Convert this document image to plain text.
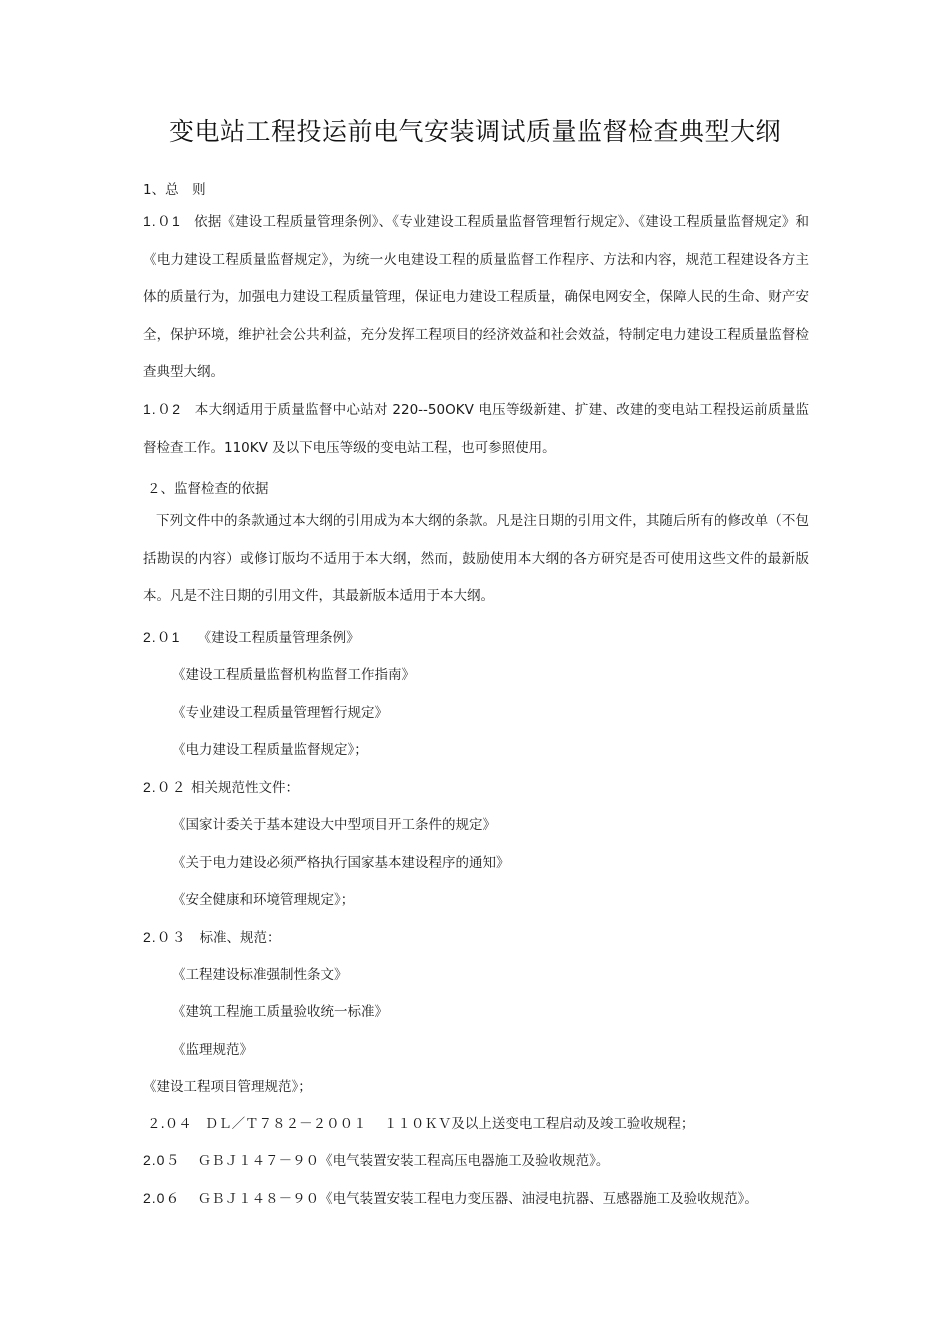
变电站工程投运前电气安装调试质量监督检查典型大纲
1、总　则
1.０1 依据《建设工程质量管理条例》、《专业建设工程质量监督管理暂行规定》、《建设工程质量监督规定》和《电力建设工程质量监督规定》，为统一火电建设工程的质量监督工作程序、方法和内容，规范工程建设各方主体的质量行为，加强电力建设工程质量管理，保证电力建设工程质量，确保电网安全，保障人民的生命、财产安全，保护环境，维护社会公共利益，充分发挥工程项目的经济效益和社会效益，特制定电力建设工程质量监督检查典型大纲。
1.０2 本大纲适用于质量监督中心站对 220--50OKV 电压等级新建、扩建、改建的变电站工程投运前质量监督检查工作。110KV 及以下电压等级的变电站工程，也可参照使用。
２、监督检查的依据
下列文件中的条款通过本大纲的引用成为本大纲的条款。凡是注日期的引用文件，其随后所有的修改单（不包括勘误的内容）或修订版均不适用于本大纲，然而，鼓励使用本大纲的各方研究是否可使用这些文件的最新版本。凡是不注日期的引用文件，其最新版本适用于本大纲。
2.０1 《建设工程质量管理条例》
《建设工程质量监督机构监督工作指南》
《专业建设工程质量管理暂行规定》
《电力建设工程质量监督规定》；
2.０２ 相关规范性文件：
《国家计委关于基本建设大中型项目开工条件的规定》
《关于电力建设必须严格执行国家基本建设程序的通知》
《安全健康和环境管理规定》；
2.０３ 标准、规范：
《工程建设标准强制性条文》
《建筑工程施工质量验收统一标准》
《监理规范》
《建设工程项目管理规范》；
２.０４ ＤＬ／Ｔ７８２－２００１ １１０ＫＶ及以上送变电工程启动及竣工验收规程；
2.0５ ＧＢＪ１４７－９０《电气装置安装工程高压电器施工及验收规范》。
2.0６ ＧＢＪ１４８－９０《电气装置安装工程电力变压器、油浸电抗器、互感器施工及验收规范》。
